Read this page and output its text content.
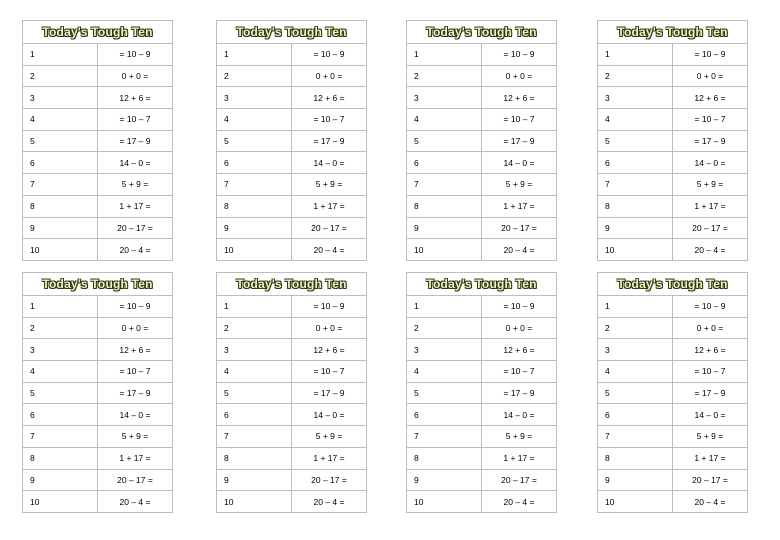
Today's Tough Ten	
1	= 10 – 9
2	0 + 0 =
3	12 + 6 =
4	= 10 – 7
5	= 17 – 9
6	14 – 0 =
7	5 + 9 =
8	1 + 17 =
9	20 – 17 =
10	20 – 4 =
Today's Tough Ten	
1	= 10 – 9
2	0 + 0 =
3	12 + 6 =
4	= 10 – 7
5	= 17 – 9
6	14 – 0 =
7	5 + 9 =
8	1 + 17 =
9	20 – 17 =
10	20 – 4 =
Today's Tough Ten	
1	= 10 – 9
2	0 + 0 =
3	12 + 6 =
4	= 10 – 7
5	= 17 – 9
6	14 – 0 =
7	5 + 9 =
8	1 + 17 =
9	20 – 17 =
10	20 – 4 =
Today's Tough Ten	
1	= 10 – 9
2	0 + 0 =
3	12 + 6 =
4	= 10 – 7
5	= 17 – 9
6	14 – 0 =
7	5 + 9 =
8	1 + 17 =
9	20 – 17 =
10	20 – 4 =
Today's Tough Ten	
1	= 10 – 9
2	0 + 0 =
3	12 + 6 =
4	= 10 – 7
5	= 17 – 9
6	14 – 0 =
7	5 + 9 =
8	1 + 17 =
9	20 – 17 =
10	20 – 4 =
Today's Tough Ten	
1	= 10 – 9
2	0 + 0 =
3	12 + 6 =
4	= 10 – 7
5	= 17 – 9
6	14 – 0 =
7	5 + 9 =
8	1 + 17 =
9	20 – 17 =
10	20 – 4 =
Today's Tough Ten	
1	= 10 – 9
2	0 + 0 =
3	12 + 6 =
4	= 10 – 7
5	= 17 – 9
6	14 – 0 =
7	5 + 9 =
8	1 + 17 =
9	20 – 17 =
10	20 – 4 =
Today's Tough Ten	
1	= 10 – 9
2	0 + 0 =
3	12 + 6 =
4	= 10 – 7
5	= 17 – 9
6	14 – 0 =
7	5 + 9 =
8	1 + 17 =
9	20 – 17 =
10	20 – 4 =
